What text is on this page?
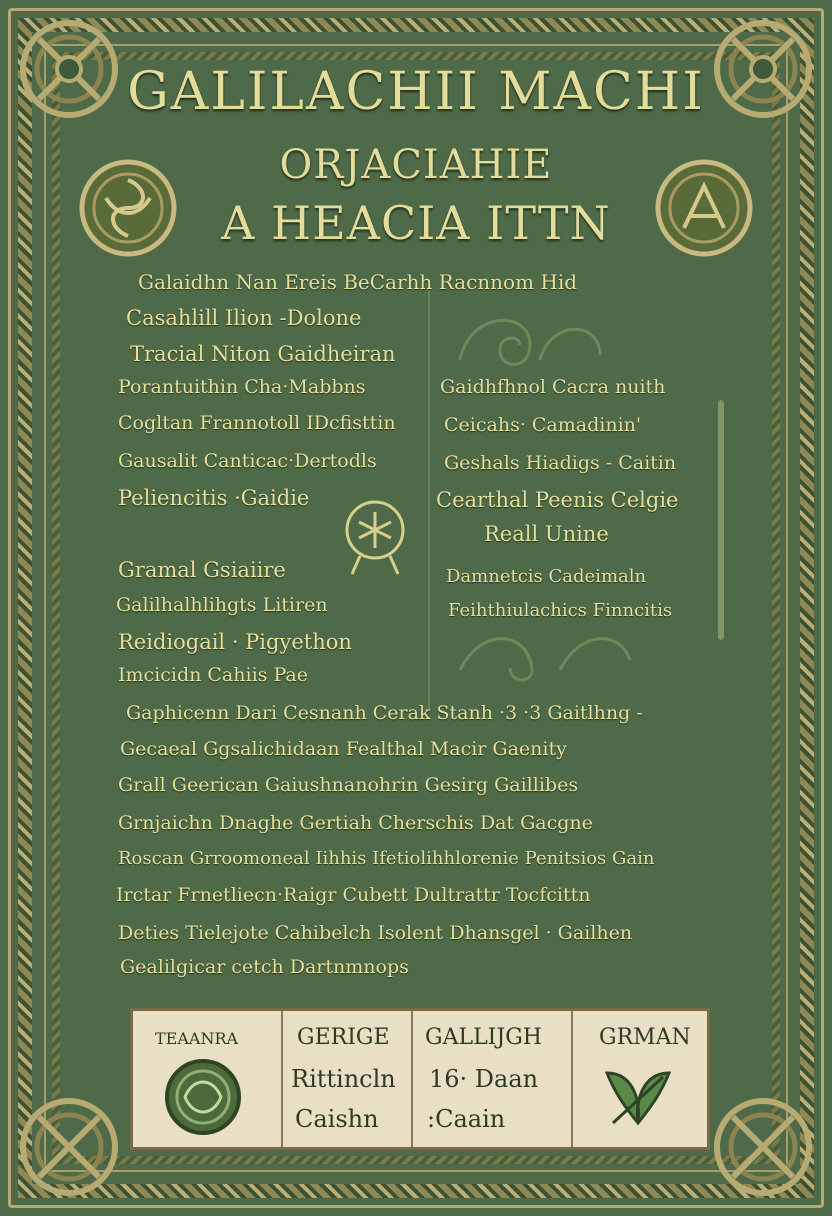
GALILACHII MACHI
ORJACIAHIE
A HEACIA ITTN
Galaidhn Nan Ereis BeCarhh Racnnom Hid
Casahlill Ilion -Dolone
Tracial Niton Gaidheiran
Porantuithin Cha·Mabbns
Cogltan Frannotoll IDcfisttin
Gausalit Canticac·Dertodls
Peliencitis ·Gaidie
Gaidhfhnol Cacra nuith
Ceicahs· Camadinin'
Geshals Hiadigs - Caitin
Cearthal Peenis Celgie
Reall Unine
Gramal Gsiaiire
Galilhalhlihgts Litiren
Reidiogail · Pigyethon
Imcicidn Cahiis Pae
Damnetcis Cadeimaln
Feihthiulachics Finncitis
Gaphicenn Dari Cesnanh Cerak Stanh ·3 ·3 Gaitlhng -
Gecaeal Ggsalichidaan Fealthal Macir Gaenity
Grall Geerican Gaiushnanohrin Gesirg Gaillibes
Grnjaichn Dnaghe Gertiah Cherschis Dat Gacgne
Roscan Grroomoneal Iihhis Ifetiolihhlorenie Penitsios Gain
Irctar Frnetliecn·Raigr Cubett Dultrattr Tocfcittn
Deties Tielejote Cahibelch Isolent Dhansgel · Gailhen
Gealilgicar cetch Dartnmnops
TEAANRA	GERIGE
Rittincln
Caishn
GALLIJGH
16· Daan
:Caain
GRMAN
